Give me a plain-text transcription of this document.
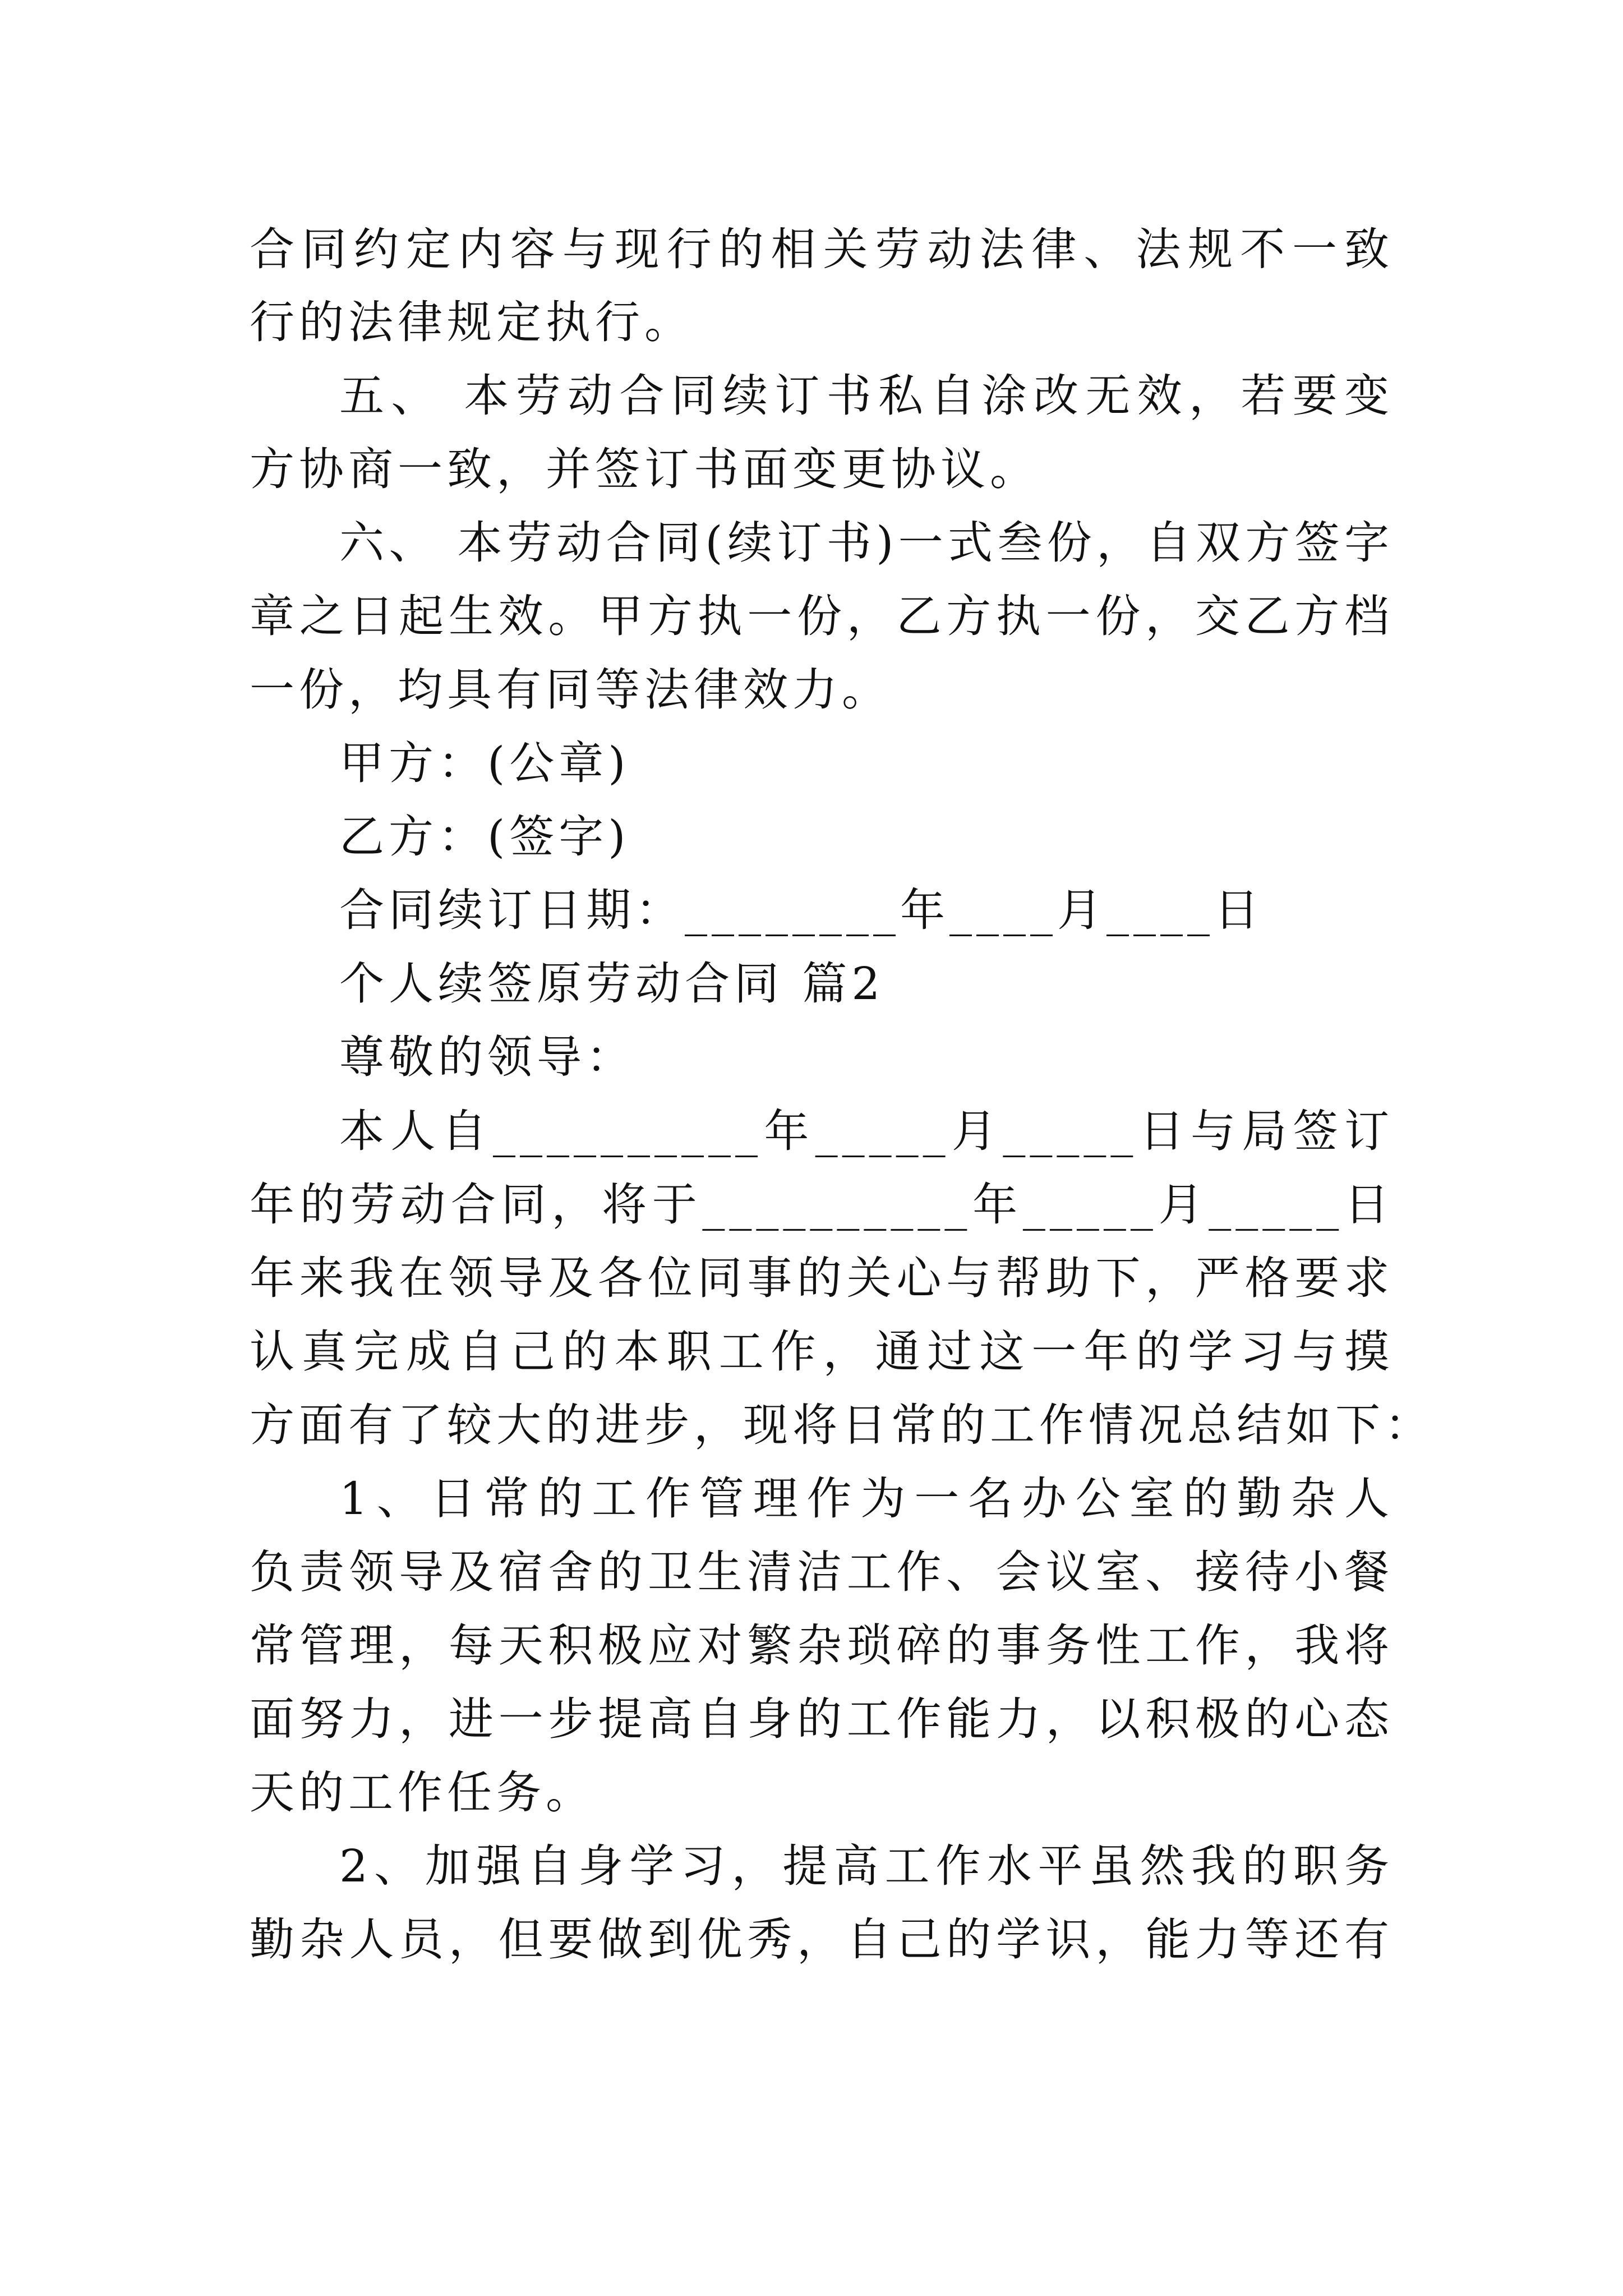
合同约定内容与现行的相关劳动法律、法规不一致
行的法律规定执行。
五、 本劳动合同续订书私自涂改无效，若要变
方协商一致，并签订书面变更协议。
六、 本劳动合同(续订书)一式叁份，自双方签字
章之日起生效。甲方执一份，乙方执一份，交乙方档
一份，均具有同等法律效力。
甲方：(公章)
乙方：(签字)
合同续订日期：________年____月____日
个人续签原劳动合同 篇2
尊敬的领导：
本人自__________年_____月_____日与局签订
年的劳动合同，将于__________年_____月_____日
年来我在领导及各位同事的关心与帮助下，严格要求
认真完成自己的本职工作，通过这一年的学习与摸
方面有了较大的进步，现将日常的工作情况总结如下：
1、日常的工作管理作为一名办公室的勤杂人
负责领导及宿舍的卫生清洁工作、会议室、接待小餐
常管理，每天积极应对繁杂琐碎的事务性工作，我将
面努力，进一步提高自身的工作能力，以积极的心态
天的工作任务。
2、加强自身学习，提高工作水平虽然我的职务
勤杂人员，但要做到优秀，自己的学识，能力等还有
